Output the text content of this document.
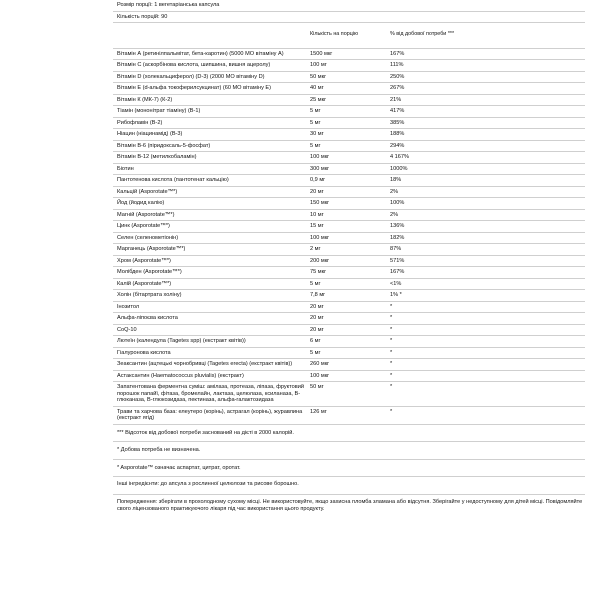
Розмір порції: 1 вегетаріанська капсула		
Кількість порцій: 90		
	Кількість на порцію	% від добової потреби ***
Вітамін А (ретинілпальмітат, бета-каротин) (5000 МО вітаміну А)	1500 мкг	167%
Вітамін С (аскорбінова кислота, шипшина, вишня ацеролу)	100 мг	111%
Вітамін D (холекальциферол) (D-3) (2000 МО вітаміну D)	50 мкг	250%
Вітамін Е (d-альфа токоферилсукцинат) (60 МО вітаміну Е)	40 мг	267%
Вітамін К (МК-7) (К-2)	25 мкг	21%
Тіамін (мононітрат тіаміну) (B-1)	5 мг	417%
Рибофлавін (В-2)	5 мг	385%
Ніацин (ніацинамід) (В-3)	30 мг	188%
Вітамін В-6 (піридоксаль-5-фосфат)	5 мг	294%
Вітамін В-12 (метилкобаламін)	100 мкг	4 167%
Біотин	300 мкг	1000%
Пантотенова кислота (пантотенат кальцію)	0,9 мг	18%
Кальцій (Asporotate™*)	20 мг	2%
Йод (йодид калію)	150 мкг	100%
Магній (Asporotate™*)	10 мг	2%
Цинк (Asporotate™*)	15 мг	136%
Селен (селенометіонін)	100 мкг	182%
Марганець (Asporotate™*)	2 мг	87%
Хром (Asporotate™*)	200 мкг	571%
Молібден (Asporotate™*)	75 мкг	167%
Калій (Asporotate™*)	5 мг	<1%
Холін (бітартрата холіну)	7,8 мг	1% *
Інозитол	20 мг	*
Альфа-ліпоєва кислота	20 мг	*
CoQ-10	20 мг	*
Лютеїн (календула (Tagetes spp) (екстракт квітів))	6 мг	*
Гіалуронова кислота	5 мг	*
Зеаксантин (ацтецькі чорнобривці (Tagetes erecta) (екстракт квітів))	260 мкг	*
Астаксантин (Haematococcus pluvialis) (екстракт)	100 мкг	*
Запатентована ферментна суміш: амілаза, протеаза, ліпаза, фруктовий порошок папайї, фітаза, бромелайн, лактаза, целюлаза, ксиланаза, В-глюканаза, В-глюкозидаза, пектиназа, альфа-галактозидаза	50 мг	*
Трави та харчова база: елеутеро (корінь), астрагал (корінь), журавлина (екстракт ягід)	126 мг	*
*** Відсоток від добової потреби заснований на дієті в 2000 калорій.		
* Добова потреба не визначена.		
* Asporotate™ означає аспартат, цитрат, оротат.		
Інші інгредієнти: до апсула з рослинної целюлози та рисове борошно.
Попередження: зберігати в прохолодному сухому місці. Не використовуйте, якщо захисна пломба зламана або відсутня. Зберігайте у недоступному для дітей місці. Повідомляйте свого ліцензованого практикуючого лікаря під час використання цього продукту.
